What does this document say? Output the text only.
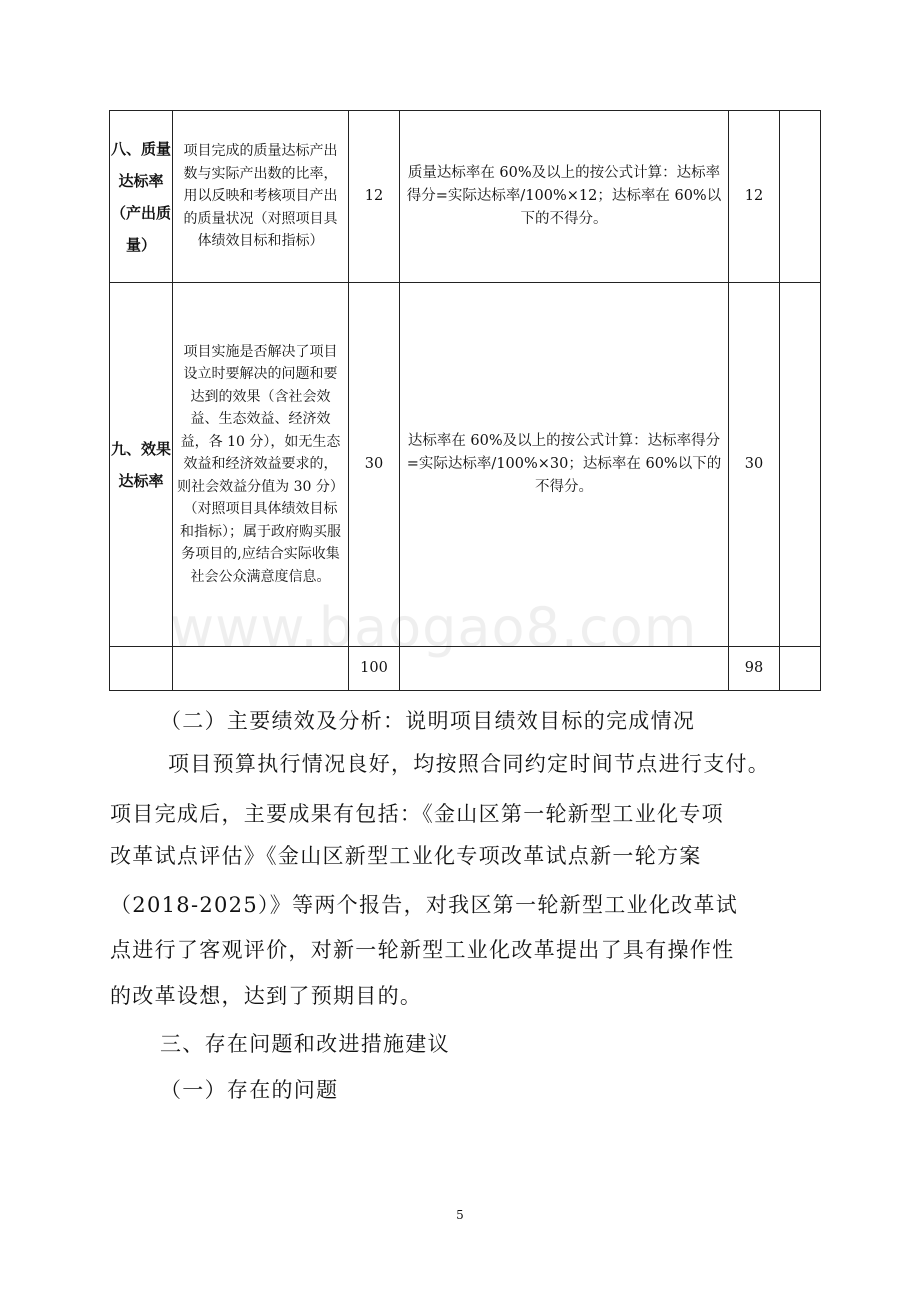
八、质量达标率（产出质量）	项目完成的质量达标产出数与实际产出数的比率，用以反映和考核项目产出的质量状况（对照项目具体绩效目标和指标）	12	质量达标率在 60%及以上的按公式计算：达标率得分=实际达标率/100%×12；达标率在 60%以下的不得分。	12	
九、效果达标率	项目实施是否解决了项目设立时要解决的问题和要达到的效果（含社会效益、生态效益、经济效益，各 10 分），如无生态效益和经济效益要求的，则社会效益分值为 30 分）（对照项目具体绩效目标和指标）；属于政府购买服务项目的,应结合实际收集社会公众满意度信息。	30	达标率在 60%及以上的按公式计算：达标率得分=实际达标率/100%×30；达标率在 60%以下的不得分。	30	
		100		98	
www.baogao8.com
（二）主要绩效及分析：说明项目绩效目标的完成情况
项目预算执行情况良好，均按照合同约定时间节点进行支付。
项目完成后，主要成果有包括：《金山区第一轮新型工业化专项
改革试点评估》《金山区新型工业化专项改革试点新一轮方案
（2018-2025）》等两个报告，对我区第一轮新型工业化改革试
点进行了客观评价，对新一轮新型工业化改革提出了具有操作性
的改革设想，达到了预期目的。
三、存在问题和改进措施建议
（一）存在的问题
5
